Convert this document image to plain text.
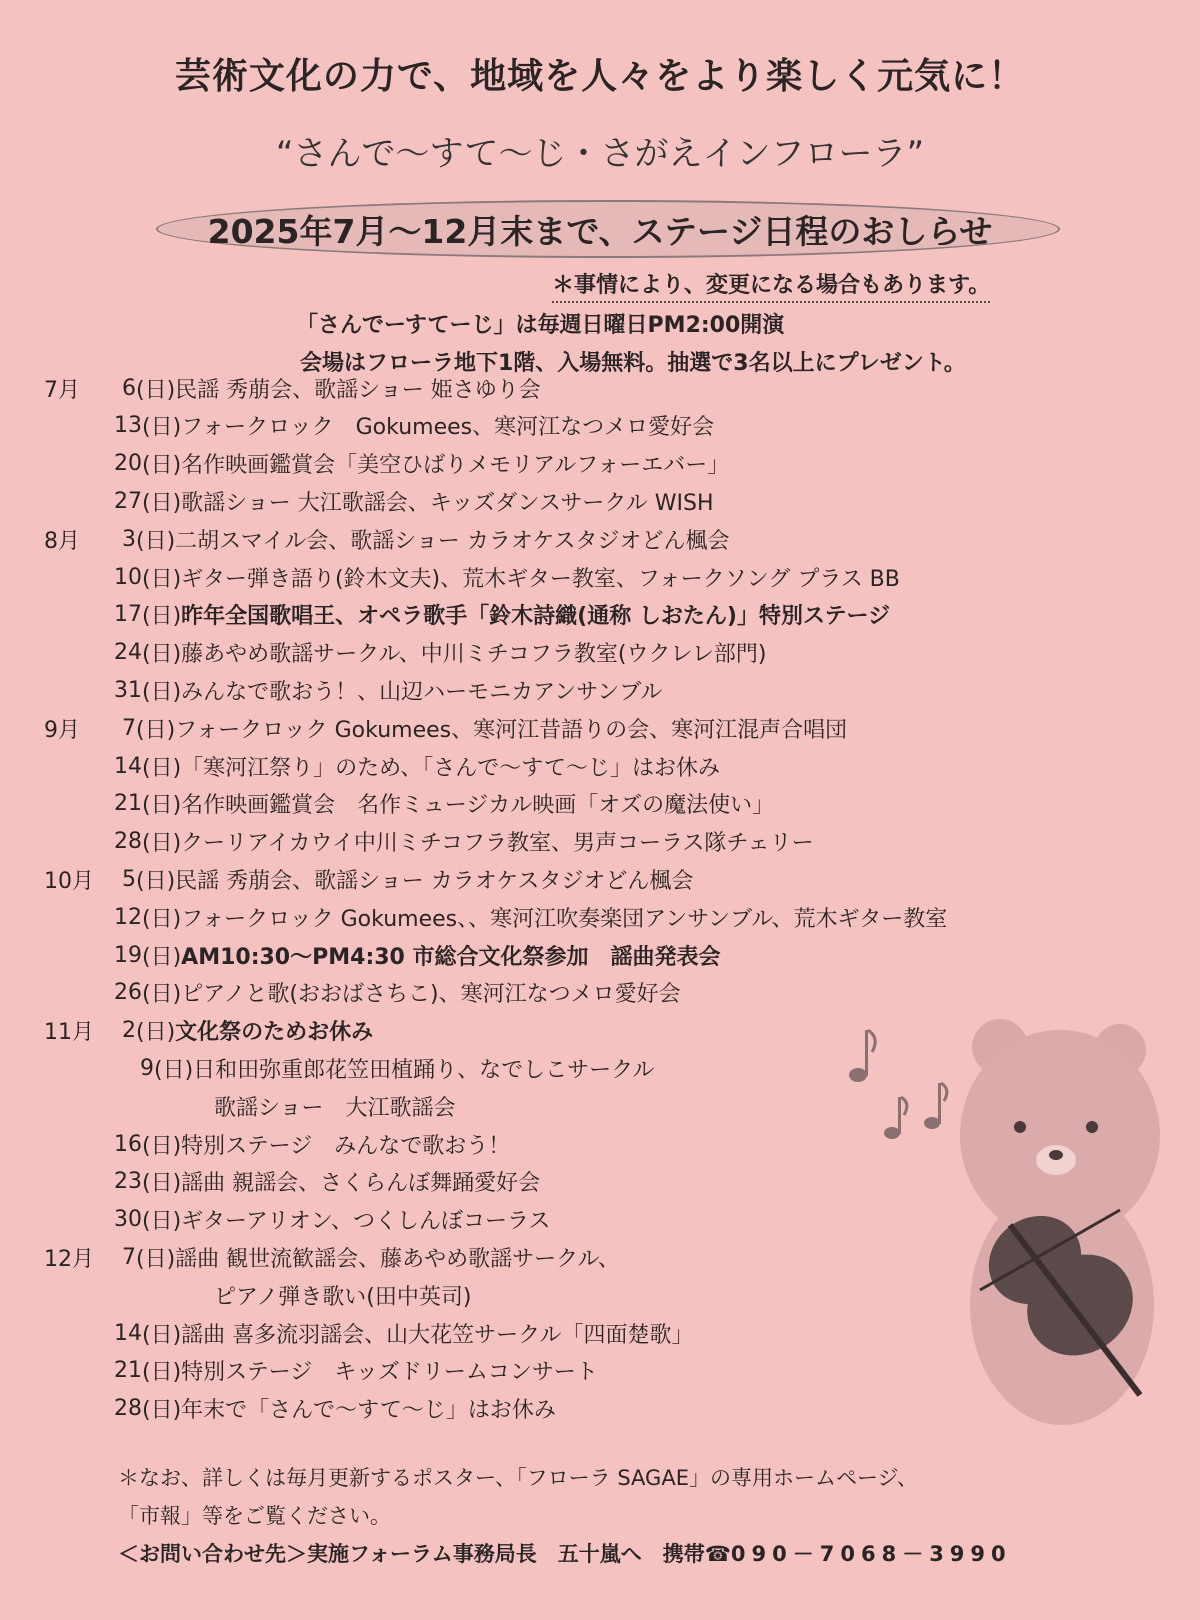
芸術文化の力で、地域を人々をより楽しく元気に！
“さんで～すて～じ・さがえインフローラ”
2025年7月～12月末まで、ステージ日程のおしらせ
＊事情により、変更になる場合もあります。
「さんでーすてーじ」は毎週日曜日PM2:00開演
会場はフローラ地下1階、入場無料。抽選で3名以上にプレゼント。
6 (日) 民謡 秀萠会、歌謡ショー 姫さゆり会
7月
13 (日) フォークロック　Gokumees、寒河江なつメロ愛好会
20 (日) 名作映画鑑賞会「美空ひばりメモリアルフォーエバー」
27 (日) 歌謡ショー 大江歌謡会、キッズダンスサークル WISH
3 (日) 二胡スマイル会、歌謡ショー カラオケスタジオどん楓会
8月
10 (日) ギター弾き語り(鈴木文夫)、荒木ギター教室、フォークソング プラス BB
17 (日) 昨年全国歌唱王、オペラ歌手「鈴木詩織(通称 しおたん)」特別ステージ
24 (日) 藤あやめ歌謡サークル、中川ミチコフラ教室(ウクレレ部門)
31 (日) みんなで歌おう！、山辺ハーモニカアンサンブル
7 (日) フォークロック Gokumees、寒河江昔語りの会、寒河江混声合唱団
9月
14 (日) 「寒河江祭り」のため、「さんで～すて～じ」はお休み
21 (日) 名作映画鑑賞会　名作ミュージカル映画「オズの魔法使い」
28 (日) クーリアイカウイ中川ミチコフラ教室、男声コーラス隊チェリー
5 (日) 民謡 秀萠会、歌謡ショー カラオケスタジオどん楓会
10月
12 (日) フォークロック Gokumees、、寒河江吹奏楽団アンサンブル、荒木ギター教室
19 (日) AM10:30～PM4:30 市総合文化祭参加　謡曲発表会
26 (日) ピアノと歌(おおばさちこ)、寒河江なつメロ愛好会
2 (日) 文化祭のためお休み
11月
9 (日) 日和田弥重郎花笠田植踊り、なでしこサークル
歌謡ショー　大江歌謡会
16 (日) 特別ステージ　みんなで歌おう！
23 (日) 謡曲 親謡会、さくらんぼ舞踊愛好会
30 (日) ギターアリオン、つくしんぼコーラス
7 (日) 謡曲 観世流歓謡会、藤あやめ歌謡サークル、
12月
ピアノ弾き歌い(田中英司)
14 (日) 謡曲 喜多流羽謡会、山大花笠サークル「四面楚歌」
21 (日) 特別ステージ　キッズドリームコンサート
28 (日) 年末で「さんで～すて～じ」はお休み
＊なお、詳しくは毎月更新するポスター、「フローラ SAGAE」の専用ホームページ、
「市報」等をご覧ください。
＜お問い合わせ先＞実施フォーラム事務局長　五十嵐へ　携帯☎090－7068－3990
